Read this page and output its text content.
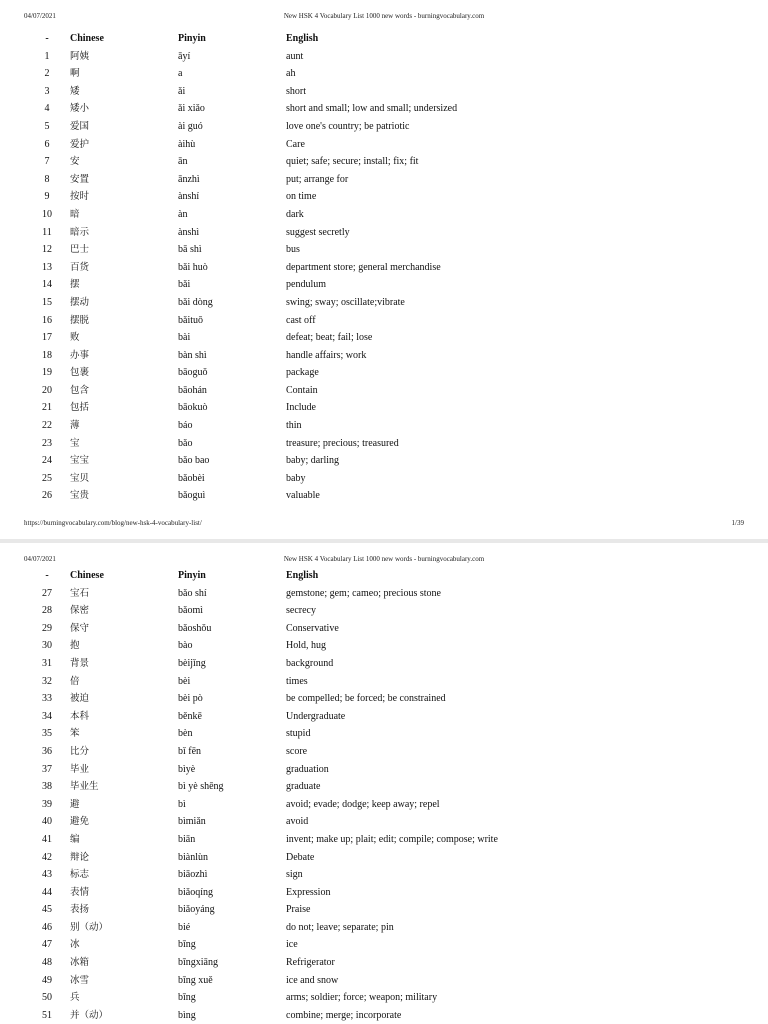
New HSK 4 Vocabulary List 1000 new words - burningvocabulary.com
04/07/2021
-	Chinese	Pinyin	English
1	阿姨	āyí	aunt
2	啊	a	ah
3	矮	ǎi	short
4	矮小	ǎi xiǎo	short and small; low and small; undersized
5	爱国	ài guó	love one's country; be patriotic
6	爱护	àihù	Care
7	安	ān	quiet; safe; secure; install; fix; fit
8	安置	ānzhì	put; arrange for
9	按时	ànshí	on time
10	暗	àn	dark
11	暗示	ànshì	suggest secretly
12	巴士	bā shì	bus
13	百货	bǎi huò	department store; general merchandise
14	摆	bǎi	pendulum
15	摆动	bǎi dòng	swing; sway; oscillate;vibrate
16	摆脱	bǎituō	cast off
17	败	bài	defeat; beat; fail; lose
18	办事	bàn shì	handle affairs; work
19	包裹	bāoguǒ	package
20	包含	bāohán	Contain
21	包括	bāokuò	Include
22	薄	báo	thin
23	宝	bǎo	treasure; precious; treasured
24	宝宝	bǎo bao	baby; darling
25	宝贝	bǎobèi	baby
26	宝贵	bǎoguì	valuable
https://burningvocabulary.com/blog/new-hsk-4-vocabulary-list/	1/39
New HSK 4 Vocabulary List 1000 new words - burningvocabulary.com
04/07/2021
-	Chinese	Pinyin	English
27	宝石	bǎo shí	gemstone; gem; cameo; precious stone
28	保密	bǎomì	secrecy
29	保守	bǎoshǒu	Conservative
30	抱	bào	Hold, hug
31	背景	bèijǐng	background
32	倍	bèi	times
33	被迫	bèi pò	be compelled; be forced; be constrained
34	本科	běnkē	Undergraduate
35	笨	bèn	stupid
36	比分	bǐ fēn	score
37	毕业	bìyè	graduation
38	毕业生	bì yè shēng	graduate
39	避	bì	avoid; evade; dodge; keep away; repel
40	避免	bìmiǎn	avoid
41	编	biān	invent; make up; plait; edit; compile; compose; write
42	辩论	biànlùn	Debate
43	标志	biāozhì	sign
44	表情	biǎoqíng	Expression
45	表扬	biǎoyáng	Praise
46	别（动）	bié	do not; leave; separate; pin
47	冰	bīng	ice
48	冰箱	bīngxiāng	Refrigerator
49	冰雪	bīng xuě	ice and snow
50	兵	bīng	arms; soldier; force; weapon; military
51	并（动）	bìng	combine; merge; incorporate
